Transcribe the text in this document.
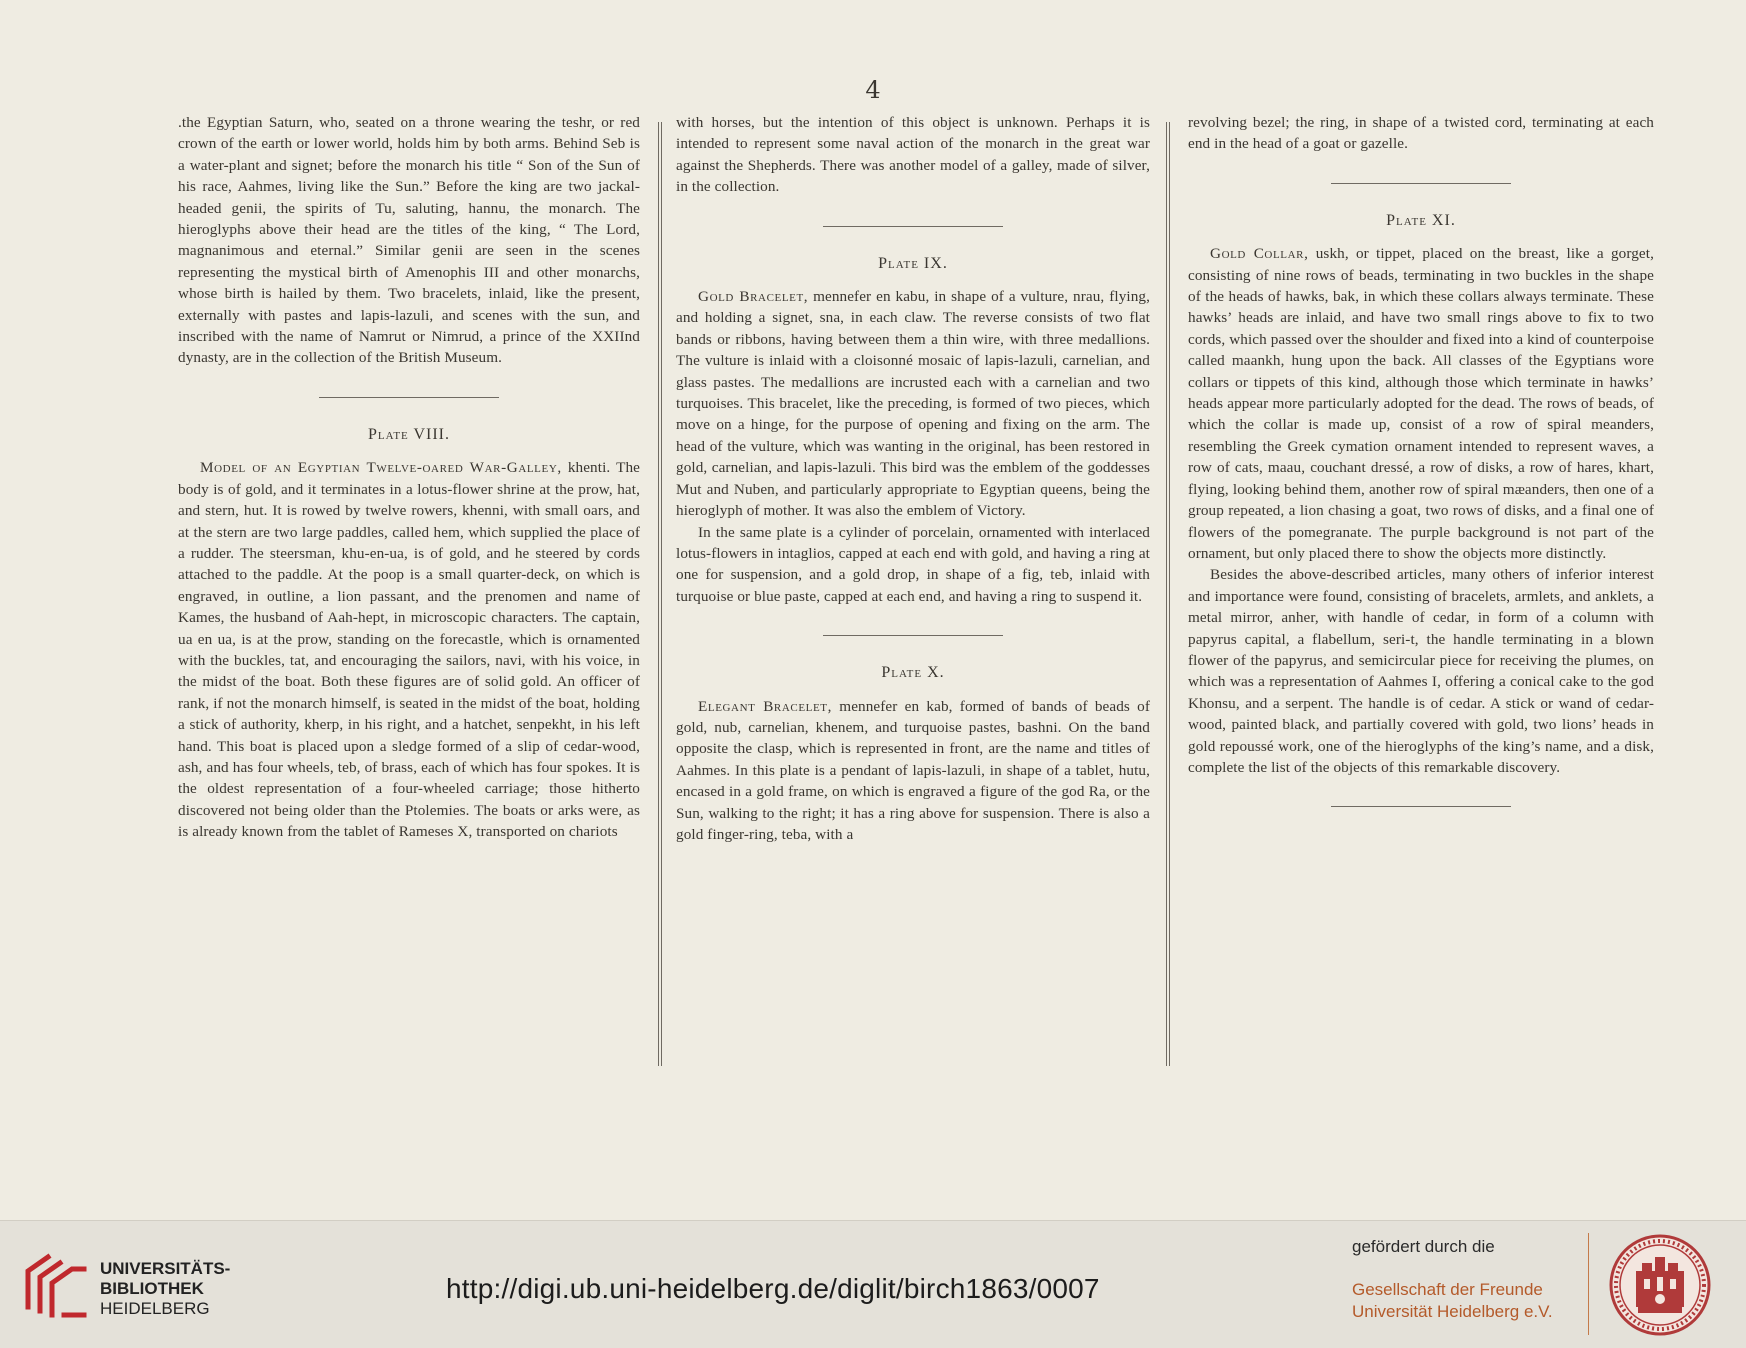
4

.the Egyptian Saturn, who, seated on a throne wearing the teshr, or red crown of the earth or lower world, holds him by both arms. Behind Seb is a water-plant and signet; before the monarch his title “ Son of the Sun of his race, Aahmes, living like the Sun.” Before the king are two jackal-headed genii, the spirits of Tu, saluting, hannu, the monarch. The hieroglyphs above their head are the titles of the king, “ The Lord, magnanimous and eternal.” Similar genii are seen in the scenes representing the mystical birth of Amenophis III and other monarchs, whose birth is hailed by them. Two bracelets, inlaid, like the present, externally with pastes and lapis-lazuli, and scenes with the sun, and inscribed with the name of Namrut or Nimrud, a prince of the XXIInd dynasty, are in the collection of the British Museum.

Plate VIII.

Model of an Egyptian Twelve-oared War-Galley, khenti. The body is of gold, and it terminates in a lotus-flower shrine at the prow, hat, and stern, hut. It is rowed by twelve rowers, khenni, with small oars, and at the stern are two large paddles, called hem, which supplied the place of a rudder. The steersman, khu-en-ua, is of gold, and he steered by cords attached to the paddle. At the poop is a small quarter-deck, on which is engraved, in outline, a lion passant, and the prenomen and name of Kames, the husband of Aah-hept, in microscopic characters. The captain, ua en ua, is at the prow, standing on the forecastle, which is ornamented with the buckles, tat, and encouraging the sailors, navi, with his voice, in the midst of the boat. Both these figures are of solid gold. An officer of rank, if not the monarch himself, is seated in the midst of the boat, holding a stick of authority, kherp, in his right, and a hatchet, senpekht, in his left hand. This boat is placed upon a sledge formed of a slip of cedar-wood, ash, and has four wheels, teb, of brass, each of which has four spokes. It is the oldest representation of a four-wheeled carriage; those hitherto discovered not being older than the Ptolemies. The boats or arks were, as is already known from the tablet of Rameses X, transported on chariots

with horses, but the intention of this object is unknown. Perhaps it is intended to represent some naval action of the monarch in the great war against the Shepherds. There was another model of a galley, made of silver, in the collection.

Plate IX.

Gold Bracelet, mennefer en kabu, in shape of a vulture, nrau, flying, and holding a signet, sna, in each claw. The reverse consists of two flat bands or ribbons, having between them a thin wire, with three medallions. The vulture is inlaid with a cloisonné mosaic of lapis-lazuli, carnelian, and glass pastes. The medallions are incrusted each with a carnelian and two turquoises. This bracelet, like the preceding, is formed of two pieces, which move on a hinge, for the purpose of opening and fixing on the arm. The head of the vulture, which was wanting in the original, has been restored in gold, carnelian, and lapis-lazuli. This bird was the emblem of the goddesses Mut and Nuben, and particularly appropriate to Egyptian queens, being the hieroglyph of mother. It was also the emblem of Victory.

In the same plate is a cylinder of porcelain, ornamented with interlaced lotus-flowers in intaglios, capped at each end with gold, and having a ring at one for suspension, and a gold drop, in shape of a fig, teb, inlaid with turquoise or blue paste, capped at each end, and having a ring to suspend it.

Plate X.

Elegant Bracelet, mennefer en kab, formed of bands of beads of gold, nub, carnelian, khenem, and turquoise pastes, bashni. On the band opposite the clasp, which is represented in front, are the name and titles of Aahmes. In this plate is a pendant of lapis-lazuli, in shape of a tablet, hutu, encased in a gold frame, on which is engraved a figure of the god Ra, or the Sun, walking to the right; it has a ring above for suspension. There is also a gold finger-ring, teba, with a

revolving bezel; the ring, in shape of a twisted cord, terminating at each end in the head of a goat or gazelle.

Plate XI.

Gold Collar, uskh, or tippet, placed on the breast, like a gorget, consisting of nine rows of beads, terminating in two buckles in the shape of the heads of hawks, bak, in which these collars always terminate. These hawks’ heads are inlaid, and have two small rings above to fix to two cords, which passed over the shoulder and fixed into a kind of counterpoise called maankh, hung upon the back. All classes of the Egyptians wore collars or tippets of this kind, although those which terminate in hawks’ heads appear more particularly adopted for the dead. The rows of beads, of which the collar is made up, consist of a row of spiral meanders, resembling the Greek cymation ornament intended to represent waves, a row of cats, maau, couchant dressé, a row of disks, a row of hares, khart, flying, looking behind them, another row of spiral mæanders, then one of a group repeated, a lion chasing a goat, two rows of disks, and a final one of flowers of the pomegranate. The purple background is not part of the ornament, but only placed there to show the objects more distinctly.

Besides the above-described articles, many others of inferior interest and importance were found, consisting of bracelets, armlets, and anklets, a metal mirror, anher, with handle of cedar, in form of a column with papyrus capital, a flabellum, seri-t, the handle terminating in a blown flower of the papyrus, and semicircular piece for receiving the plumes, on which was a representation of Aahmes I, offering a conical cake to the god Khonsu, and a serpent. The handle is of cedar. A stick or wand of cedar-wood, painted black, and partially covered with gold, two lions’ heads in gold repoussé work, one of the hieroglyphs of the king’s name, and a disk, complete the list of the objects of this remarkable discovery.

UNIVERSITÄTS-
BIBLIOTHEK
HEIDELBERG
http://digi.ub.uni-heidelberg.de/diglit/birch1863/0007
gefördert durch die
Gesellschaft der Freunde
Universität Heidelberg e.V.
